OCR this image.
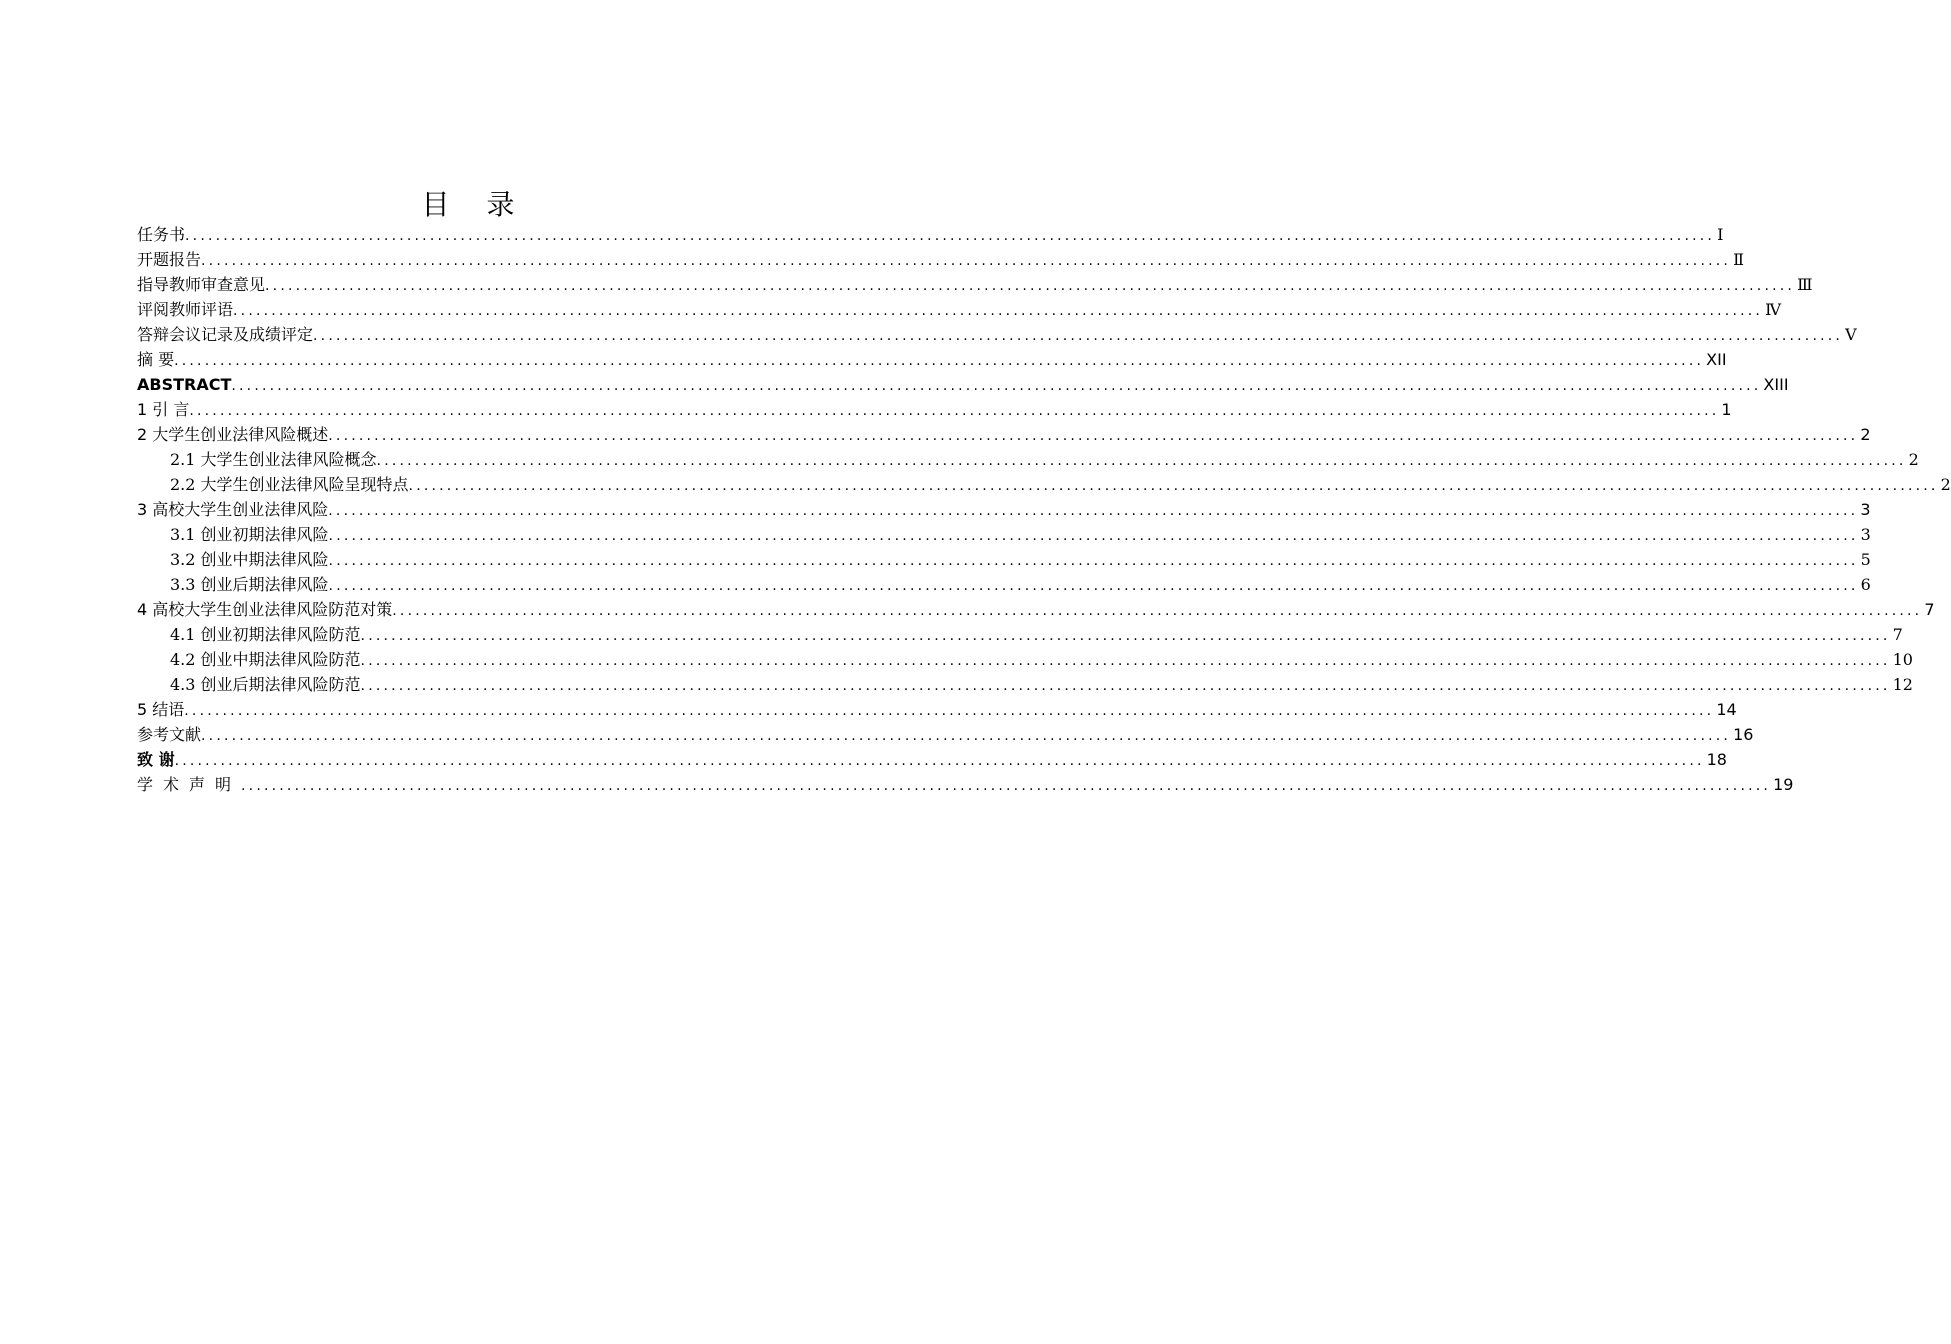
目 录
任务书 ........................................................................................................................................................................................................ Ⅰ
开题报告 ........................................................................................................................................................................................................ Ⅱ
指导教师审查意见 ........................................................................................................................................................................................................ Ⅲ
评阅教师评语 ........................................................................................................................................................................................................ Ⅳ
答辩会议记录及成绩评定 ........................................................................................................................................................................................................ Ⅴ
摘 要 ........................................................................................................................................................................................................ XII
ABSTRACT ........................................................................................................................................................................................................ XIII
1 引 言 ........................................................................................................................................................................................................ 1
2 大学生创业法律风险概述 ........................................................................................................................................................................................................ 2
2.1 大学生创业法律风险概念 ........................................................................................................................................................................................................ 2
2.2 大学生创业法律风险呈现特点 ........................................................................................................................................................................................................ 2
3 高校大学生创业法律风险 ........................................................................................................................................................................................................ 3
3.1 创业初期法律风险 ........................................................................................................................................................................................................ 3
3.2 创业中期法律风险 ........................................................................................................................................................................................................ 5
3.3 创业后期法律风险 ........................................................................................................................................................................................................ 6
4 高校大学生创业法律风险防范对策 ........................................................................................................................................................................................................ 7
4.1 创业初期法律风险防范 ........................................................................................................................................................................................................ 7
4.2 创业中期法律风险防范 ........................................................................................................................................................................................................ 10
4.3 创业后期法律风险防范 ........................................................................................................................................................................................................ 12
5 结语 ........................................................................................................................................................................................................ 14
参考文献 ........................................................................................................................................................................................................ 16
致 谢 ........................................................................................................................................................................................................ 18
学术声明 ........................................................................................................................................................................................................ 19
